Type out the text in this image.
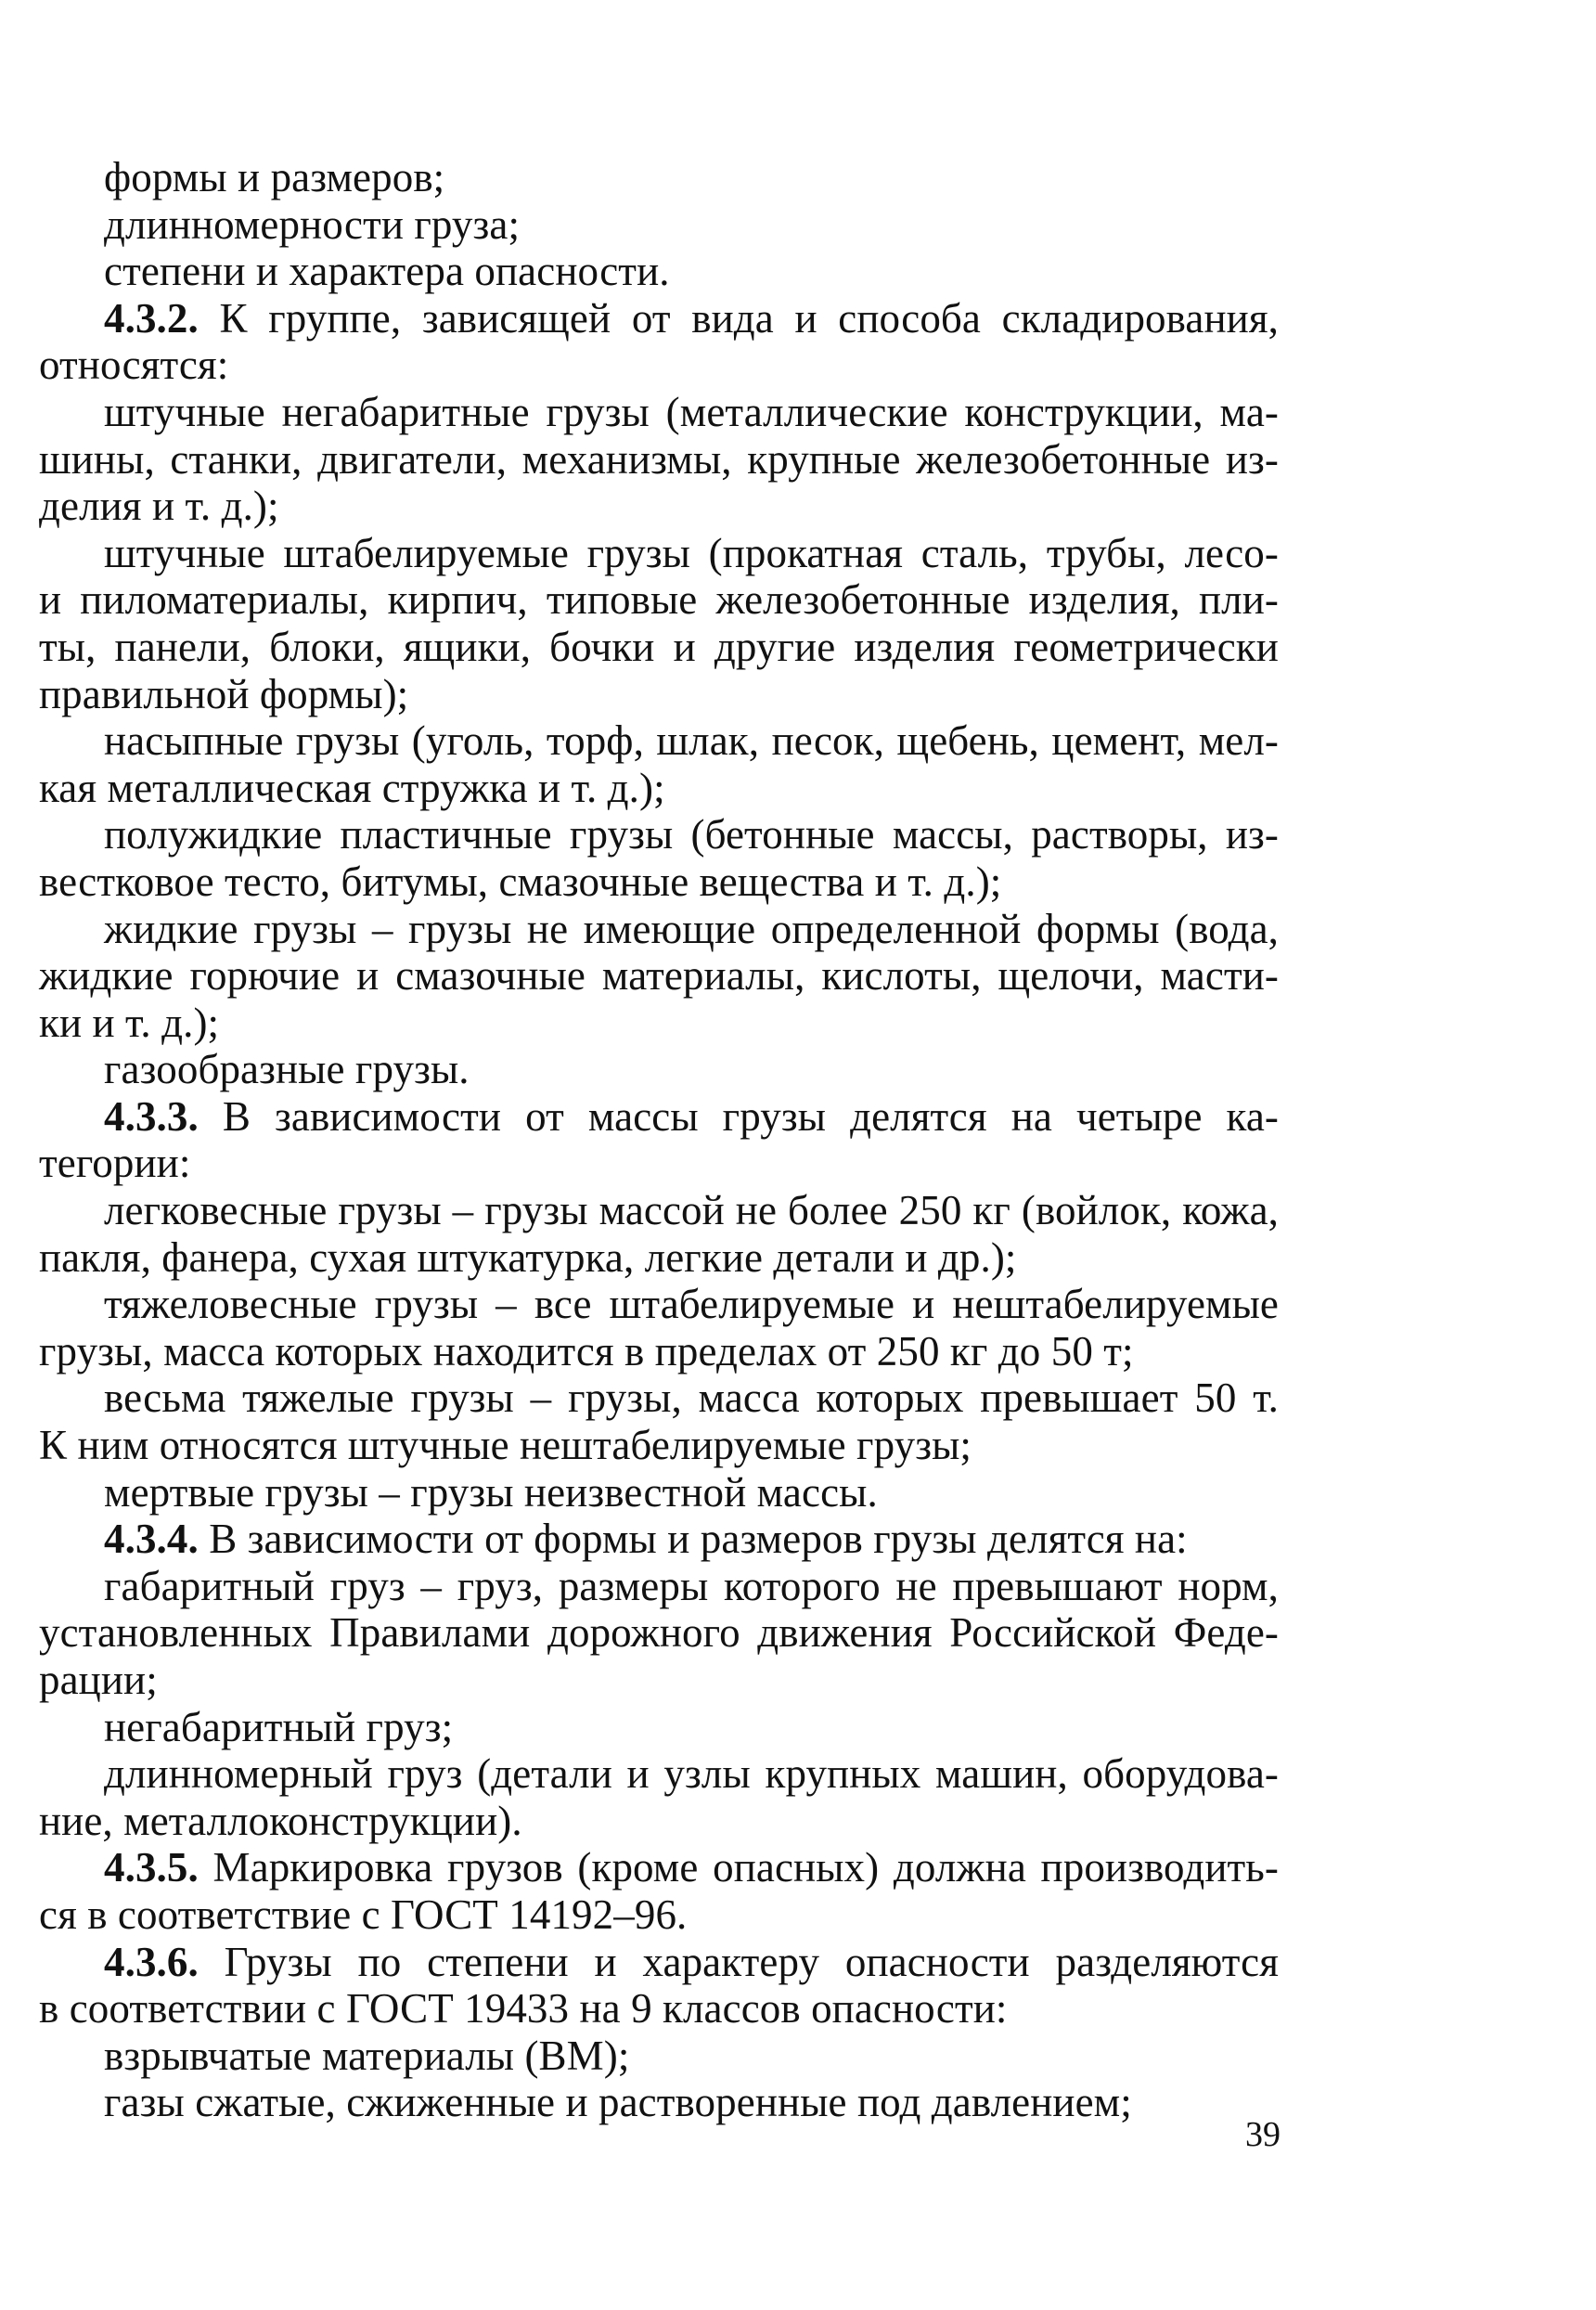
формы и размеров;
длинномерности груза;
степени и характера опасности.
4.3.2. К группе, зависящей от вида и способа складирования,
относятся:
штучные негабаритные грузы (металлические конструкции, ма-
шины, станки, двигатели, механизмы, крупные железобетонные из-
делия и т. д.);
штучные штабелируемые грузы (прокатная сталь, трубы, лесо-
и пиломатериалы, кирпич, типовые железобетонные изделия, пли-
ты, панели, блоки, ящики, бочки и другие изделия геометрически
правильной формы);
насыпные грузы (уголь, торф, шлак, песок, щебень, цемент, мел-
кая металлическая стружка и т. д.);
полужидкие пластичные грузы (бетонные массы, растворы, из-
вестковое тесто, битумы, смазочные вещества и т. д.);
жидкие грузы – грузы не имеющие определенной формы (вода,
жидкие горючие и смазочные материалы, кислоты, щелочи, масти-
ки и т. д.);
газообразные грузы.
4.3.3. В зависимости от массы грузы делятся на четыре ка-
тегории:
легковесные грузы – грузы массой не более 250 кг (войлок, кожа,
пакля, фанера, сухая штукатурка, легкие детали и др.);
тяжеловесные грузы – все штабелируемые и нештабелируемые
грузы, масса которых находится в пределах от 250 кг до 50 т;
весьма тяжелые грузы – грузы, масса которых превышает 50 т.
К ним относятся штучные нештабелируемые грузы;
мертвые грузы – грузы неизвестной массы.
4.3.4. В зависимости от формы и размеров грузы делятся на:
габаритный груз – груз, размеры которого не превышают норм,
установленных Правилами дорожного движения Российской Феде-
рации;
негабаритный груз;
длинномерный груз (детали и узлы крупных машин, оборудова-
ние, металлоконструкции).
4.3.5. Маркировка грузов (кроме опасных) должна производить-
ся в соответствие с ГОСТ 14192–96.
4.3.6. Грузы по степени и характеру опасности разделяются
в соответствии с ГОСТ 19433 на 9 классов опасности:
взрывчатые материалы (ВМ);
газы сжатые, сжиженные и растворенные под давлением;
39
